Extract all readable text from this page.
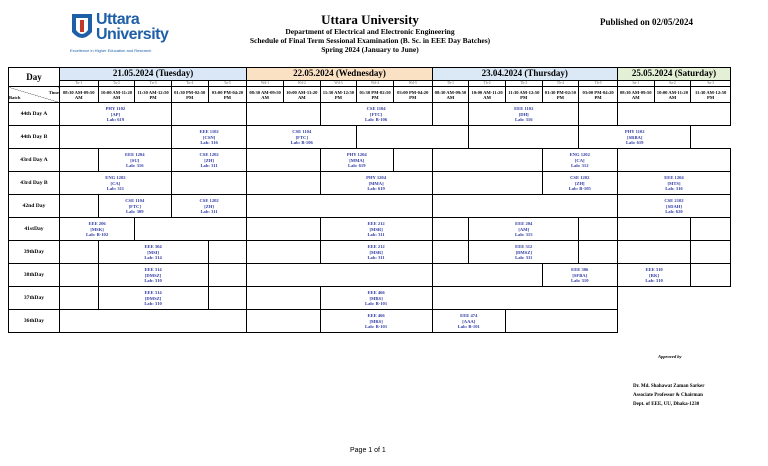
Uttara
University
Excellence in Higher Education and Research
Uttara University
Department of Electrical and Electronic Engineering
Schedule of Final Term Sessional Examination (B. Sc. in EEE Day Batches)
Spring 2024 (January to June)
Published on 02/05/2024
Day	21.05.2024 (Tuesday)					22.05.2024 (Wednesday)					23.04.2024 (Thursday)					25.05.2024 (Saturday)		
	Tu-1	Tu-2	Tu-3	Tu-4	Tu-5	Wd-1	Wd-2	Wd-3	Wd-4	Wd-5	Th-1	Th-2	Th-3	Th-4	Th-5	Sa-1	Sa-2	Sa-3

Batch
Time	08:30 AM-09:50 AM	10:00 AM-11:20 AM	11:30 AM-12:50 PM	01:30 PM-02:50 PM	03:00 PM-04:20 PM	08:30 AM-09:50 AM	10:00 AM-11:20 AM	11:30 AM-12:50 PM	01:30 PM-02:50 PM	03:00 PM-04:20 PM	08:30 AM-09:50 AM	10:00 AM-11:20 AM	11:30 AM-12:50 PM	01:30 PM-02:50 PM	03:00 PM-04:20 PM	08:30 AM-09:50 AM	10:00 AM-11:20 AM	11:30 AM-12:50 PM
44th Day A	PHY 1102
[AP]
Lab: 619							CSE 1104
[FTC]
Lab: B-106				EEE 1102
[DH]
Lab: 316						
44th Day B				EEE 1102
[CSN]
Lab: 316		CSE 1104
[FTC]
Lab: B-106									PHY 1102
[SRBA]
Lab: 619			
43rd Day A		EEE 1204
[SU]
Lab: 316		CSE 1202
[ZH]
Lab: 311				PHY 1204
[MMA]
Lab: 619						ENG 1202
[CA]
Lab: 312				
43rd Day B	ENG 1202
[CA]
Lab: 311							PHY 1204
[MMA]
Lab: 619						CSE 1202
[ZH]
Lab: B-105		EEE 1204
[MTS]
Lab: 316		
42nd Day		CSE 1104
[FTC]
Lab: 309		CSE 1202
[ZH]
Lab: 311												CSE 2102
[SDAH]
Lab: 620		
41stDay	EEE 206
[MSK]
Lab: B-102							EEE 212
[MSR]
Lab: 311				EEE 204
[AM]
Lab: 315						
39thDay		EEE 304
[MSI]
Lab: 314						EEE 212
[MSR]
Lab: 311				EEE 312
[DMSZ]
Lab: 311						
38thDay		EEE 314
[DMSZ]
Lab: 310												EEE 306
[SFBA]
Lab: 310		EEE 310
[RK]
Lab: 310		
37thDay		EEE 314
[DMSZ]
Lab: 310						EEE 466
[MRS]
Lab: B-101										
36thDay								EEE 466
[MRS]
Lab: B-101			EEE 474
[AAA]
Lab: B-101							
Approved by
Dr. Md. Shahawat Zaman Sarker
Associate Professor & Chairman
Dept. of EEE, UU, Dhaka-1230
Page 1 of 1
